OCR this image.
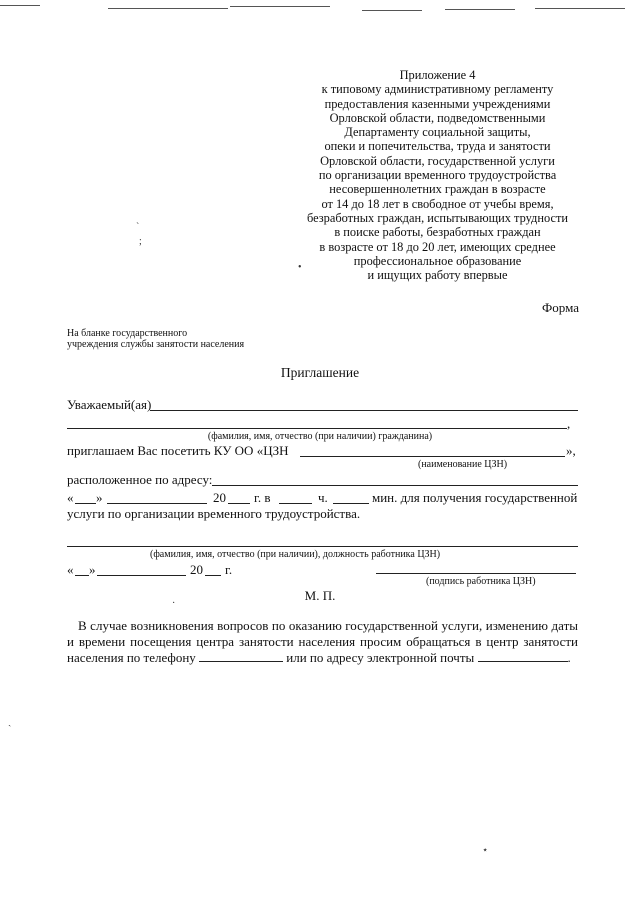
Приложение 4
к типовому административному регламенту
предоставления казенными учреждениями
Орловской области, подведомственными
Департаменту социальной защиты,
опеки и попечительства, труда и занятости
Орловской области, государственной услуги
по организации временного трудоустройства
несовершеннолетних граждан в возрасте
от 14 до 18 лет в свободное от учебы время,
безработных граждан, испытывающих трудности
в поиске работы, безработных граждан
в возрасте от 18 до 20 лет, имеющих среднее
профессиональное образование
и ищущих работу впервые
Форма
На бланке государственного
учреждения службы занятости населения
Приглашение
Уважаемый(ая)
,
(фамилия, имя, отчество (при наличии) гражданина)
приглашаем Вас посетить КУ ОО «ЦЗН	»,
(наименование ЦЗН)
расположенное по адресу:
« »	20 г. в	ч.	мин. для получения государственной
услуги по организации временного трудоустройства.
(фамилия, имя, отчество (при наличии), должность работника ЦЗН)
« »	20 г.
(подпись работника ЦЗН)
М. П.
В случае возникновения вопросов по оказанию государственной услуги, изменению даты
и времени посещения центра занятости населения просим обращаться в центр занятости
населения по телефону	или по адресу электронной почты	.
ˋ
;
•
·
ˏ
⋆
